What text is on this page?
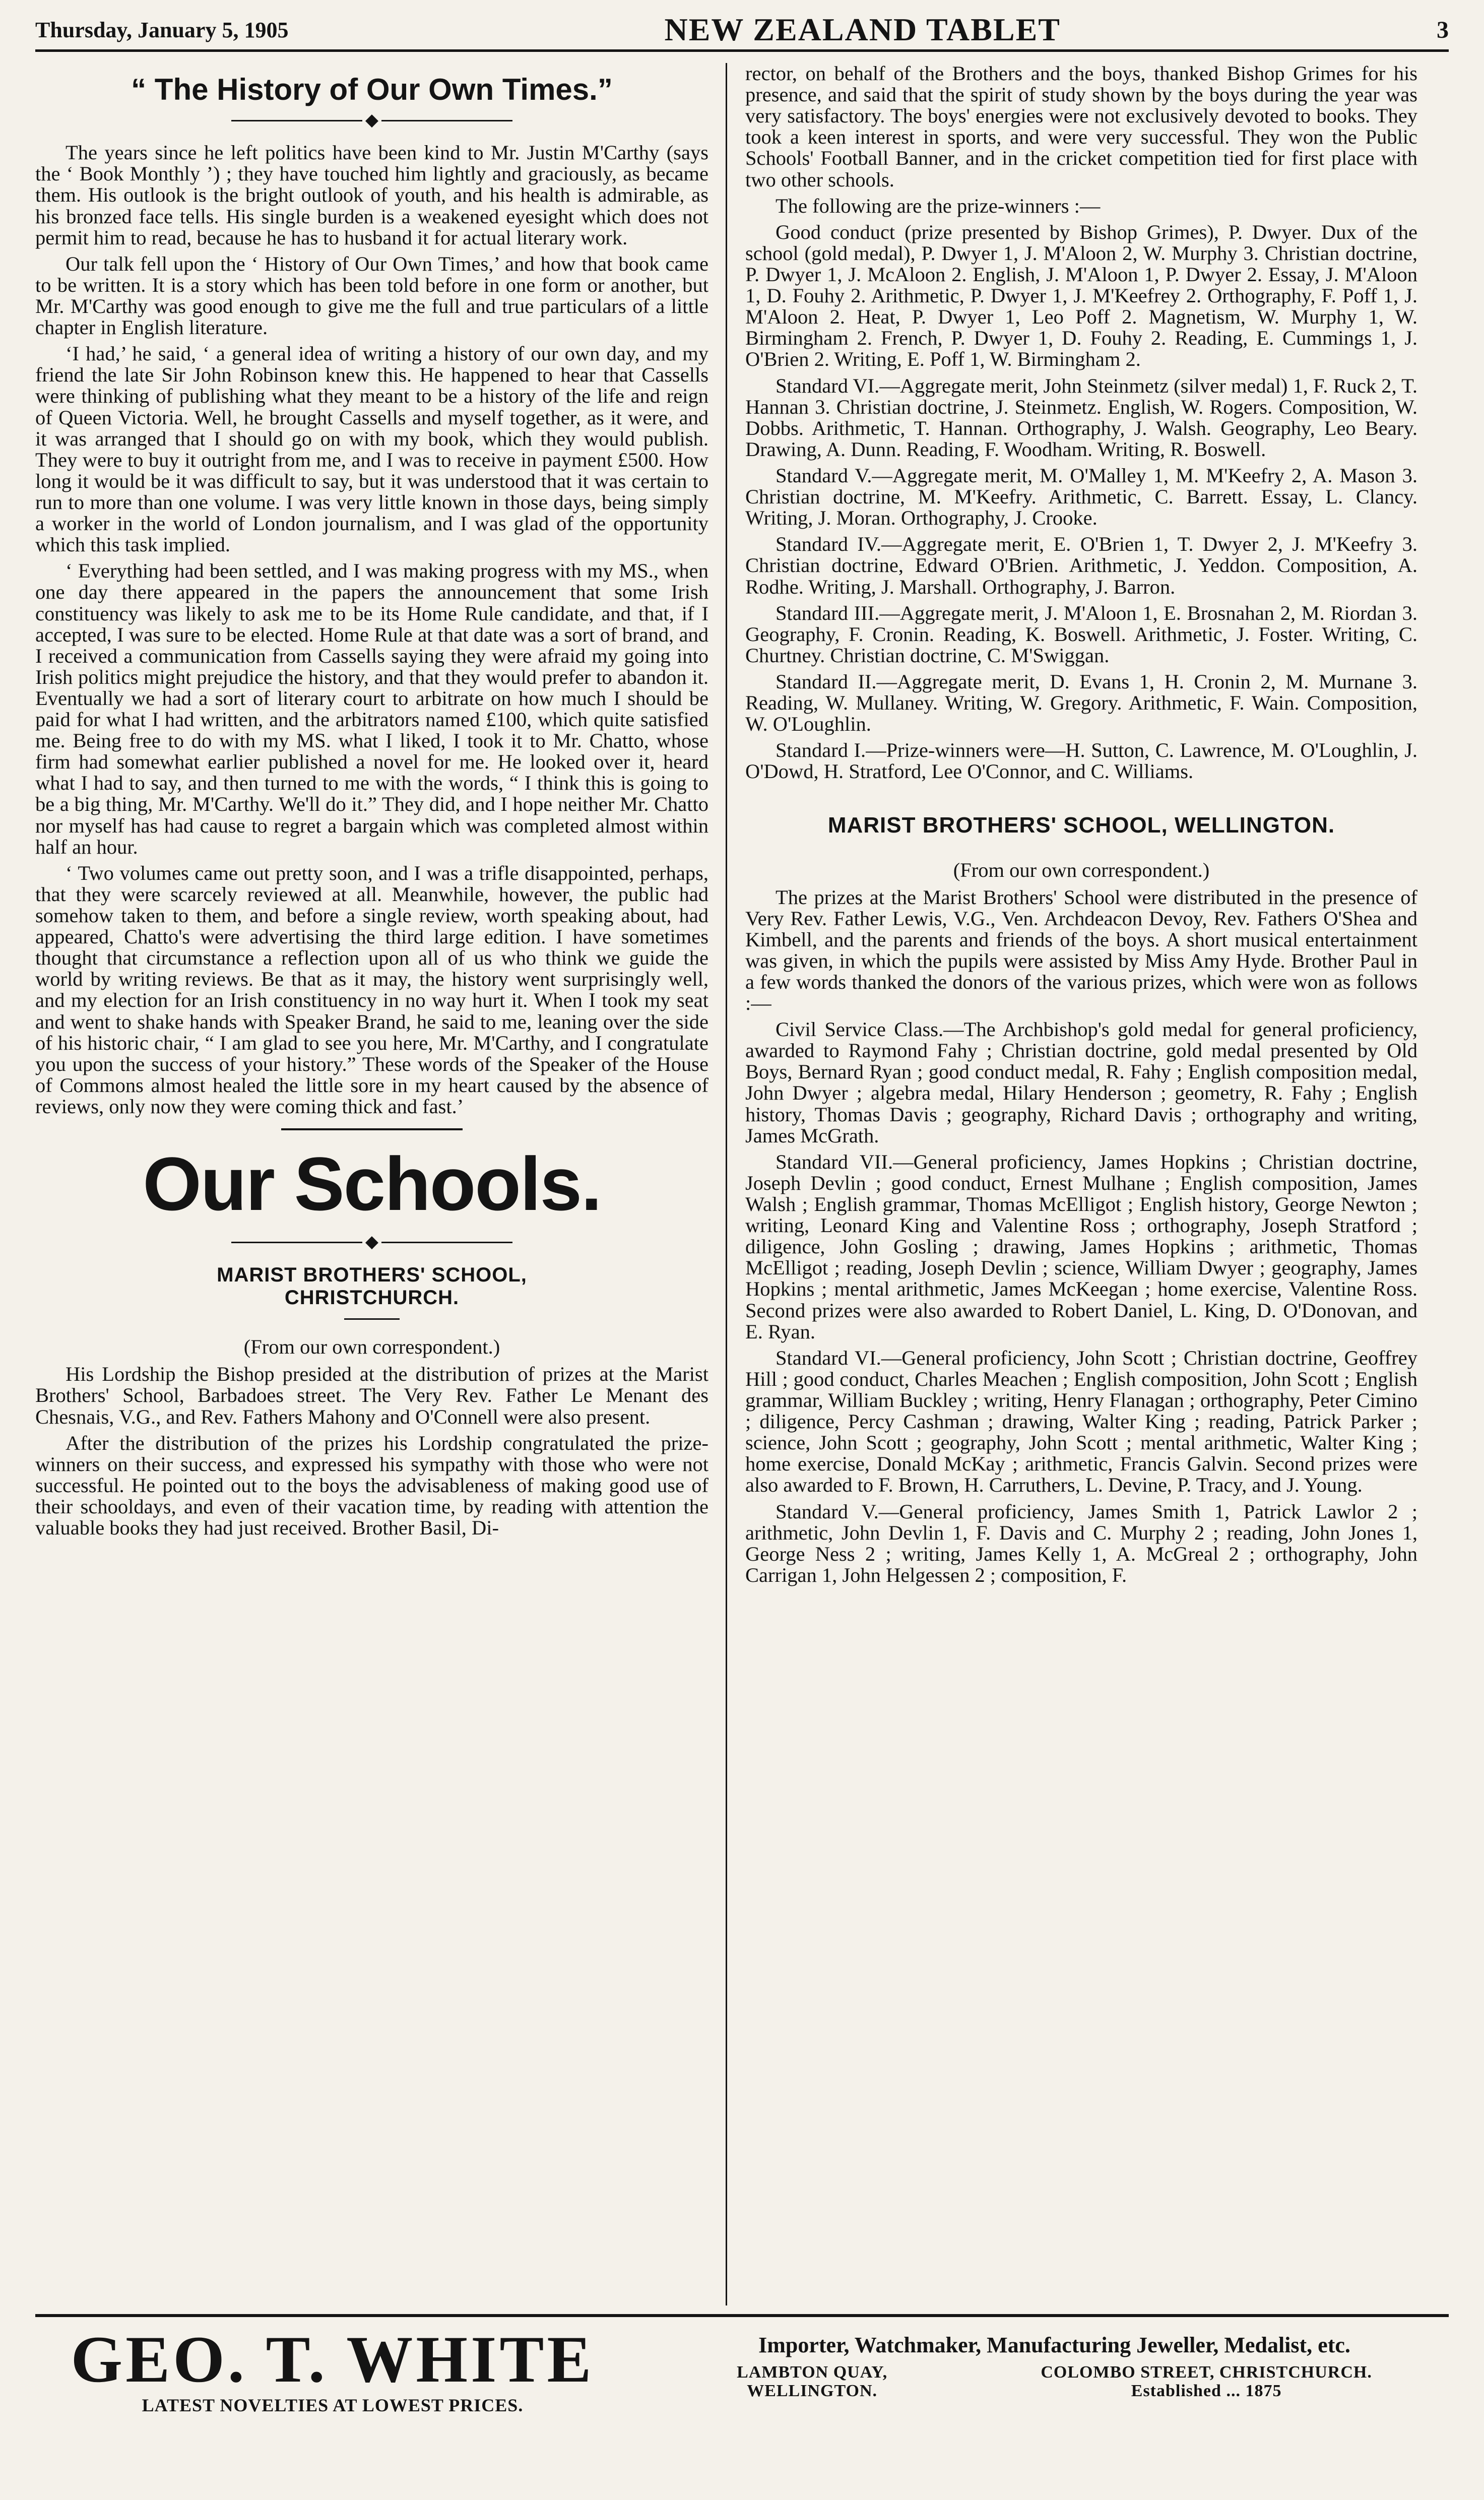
Thursday, January 5, 1905	NEW ZEALAND TABLET	3
“ The History of Our Own Times.”
◆

The years since he left politics have been kind to Mr. Justin M'Carthy (says the ‘ Book Monthly ’) ; they have touched him lightly and graciously, as became them. His outlook is the bright outlook of youth, and his health is admirable, as his bronzed face tells. His single burden is a weakened eyesight which does not permit him to read, because he has to husband it for actual literary work.

Our talk fell upon the ‘ History of Our Own Times,’ and how that book came to be written. It is a story which has been told before in one form or another, but Mr. M'Carthy was good enough to give me the full and true particulars of a little chapter in English literature.

‘I had,’ he said, ‘ a general idea of writing a history of our own day, and my friend the late Sir John Robinson knew this. He happened to hear that Cassells were thinking of publishing what they meant to be a history of the life and reign of Queen Victoria. Well, he brought Cassells and myself together, as it were, and it was arranged that I should go on with my book, which they would publish. They were to buy it outright from me, and I was to receive in payment £500. How long it would be it was difficult to say, but it was understood that it was certain to run to more than one volume. I was very little known in those days, being simply a worker in the world of London journalism, and I was glad of the opportunity which this task implied.

‘ Everything had been settled, and I was making progress with my MS., when one day there appeared in the papers the announcement that some Irish constituency was likely to ask me to be its Home Rule candidate, and that, if I accepted, I was sure to be elected. Home Rule at that date was a sort of brand, and I received a communication from Cassells saying they were afraid my going into Irish politics might prejudice the history, and that they would prefer to abandon it. Eventually we had a sort of literary court to arbitrate on how much I should be paid for what I had written, and the arbitrators named £100, which quite satisfied me. Being free to do with my MS. what I liked, I took it to Mr. Chatto, whose firm had somewhat earlier published a novel for me. He looked over it, heard what I had to say, and then turned to me with the words, “ I think this is going to be a big thing, Mr. M'Carthy. We'll do it.” They did, and I hope neither Mr. Chatto nor myself has had cause to regret a bargain which was completed almost within half an hour.

‘ Two volumes came out pretty soon, and I was a trifle disappointed, perhaps, that they were scarcely reviewed at all. Meanwhile, however, the public had somehow taken to them, and before a single review, worth speaking about, had appeared, Chatto's were advertising the third large edition. I have sometimes thought that circumstance a reflection upon all of us who think we guide the world by writing reviews. Be that as it may, the history went surprisingly well, and my election for an Irish constituency in no way hurt it. When I took my seat and went to shake hands with Speaker Brand, he said to me, leaning over the side of his historic chair, “ I am glad to see you here, Mr. M'Carthy, and I congratulate you upon the success of your history.” These words of the Speaker of the House of Commons almost healed the little sore in my heart caused by the absence of reviews, only now they were coming thick and fast.’

Our Schools.
◆
MARIST BROTHERS' SCHOOL,
CHRISTCHURCH.
(From our own correspondent.)

His Lordship the Bishop presided at the distribution of prizes at the Marist Brothers' School, Barbadoes street. The Very Rev. Father Le Menant des Chesnais, V.G., and Rev. Fathers Mahony and O'Connell were also present.

After the distribution of the prizes his Lordship congratulated the prize-winners on their success, and expressed his sympathy with those who were not successful. He pointed out to the boys the advisableness of making good use of their schooldays, and even of their vacation time, by reading with attention the valuable books they had just received. Brother Basil, Di-

rector, on behalf of the Brothers and the boys, thanked Bishop Grimes for his presence, and said that the spirit of study shown by the boys during the year was very satisfactory. The boys' energies were not exclusively devoted to books. They took a keen interest in sports, and were very successful. They won the Public Schools' Football Banner, and in the cricket competition tied for first place with two other schools.

The following are the prize-winners :—

Good conduct (prize presented by Bishop Grimes), P. Dwyer. Dux of the school (gold medal), P. Dwyer 1, J. M'Aloon 2, W. Murphy 3. Christian doctrine, P. Dwyer 1, J. McAloon 2. English, J. M'Aloon 1, P. Dwyer 2. Essay, J. M'Aloon 1, D. Fouhy 2. Arithmetic, P. Dwyer 1, J. M'Keefrey 2. Orthography, F. Poff 1, J. M'Aloon 2. Heat, P. Dwyer 1, Leo Poff 2. Magnetism, W. Murphy 1, W. Birmingham 2. French, P. Dwyer 1, D. Fouhy 2. Reading, E. Cummings 1, J. O'Brien 2. Writing, E. Poff 1, W. Birmingham 2.

Standard VI.—Aggregate merit, John Steinmetz (silver medal) 1, F. Ruck 2, T. Hannan 3. Christian doctrine, J. Steinmetz. English, W. Rogers. Composition, W. Dobbs. Arithmetic, T. Hannan. Orthography, J. Walsh. Geography, Leo Beary. Drawing, A. Dunn. Reading, F. Woodham. Writing, R. Boswell.

Standard V.—Aggregate merit, M. O'Malley 1, M. M'Keefry 2, A. Mason 3. Christian doctrine, M. M'Keefry. Arithmetic, C. Barrett. Essay, L. Clancy. Writing, J. Moran. Orthography, J. Crooke.

Standard IV.—Aggregate merit, E. O'Brien 1, T. Dwyer 2, J. M'Keefry 3. Christian doctrine, Edward O'Brien. Arithmetic, J. Yeddon. Composition, A. Rodhe. Writing, J. Marshall. Orthography, J. Barron.

Standard III.—Aggregate merit, J. M'Aloon 1, E. Brosnahan 2, M. Riordan 3. Geography, F. Cronin. Reading, K. Boswell. Arithmetic, J. Foster. Writing, C. Churtney. Christian doctrine, C. M'Swiggan.

Standard II.—Aggregate merit, D. Evans 1, H. Cronin 2, M. Murnane 3. Reading, W. Mullaney. Writing, W. Gregory. Arithmetic, F. Wain. Composition, W. O'Loughlin.

Standard I.—Prize-winners were—H. Sutton, C. Lawrence, M. O'Loughlin, J. O'Dowd, H. Stratford, Lee O'Connor, and C. Williams.

MARIST BROTHERS' SCHOOL, WELLINGTON.
(From our own correspondent.)

The prizes at the Marist Brothers' School were distributed in the presence of Very Rev. Father Lewis, V.G., Ven. Archdeacon Devoy, Rev. Fathers O'Shea and Kimbell, and the parents and friends of the boys. A short musical entertainment was given, in which the pupils were assisted by Miss Amy Hyde. Brother Paul in a few words thanked the donors of the various prizes, which were won as follows :—

Civil Service Class.—The Archbishop's gold medal for general proficiency, awarded to Raymond Fahy ; Christian doctrine, gold medal presented by Old Boys, Bernard Ryan ; good conduct medal, R. Fahy ; English composition medal, John Dwyer ; algebra medal, Hilary Henderson ; geometry, R. Fahy ; English history, Thomas Davis ; geography, Richard Davis ; orthography and writing, James McGrath.

Standard VII.—General proficiency, James Hopkins ; Christian doctrine, Joseph Devlin ; good conduct, Ernest Mulhane ; English composition, James Walsh ; English grammar, Thomas McElligot ; English history, George Newton ; writing, Leonard King and Valentine Ross ; orthography, Joseph Stratford ; diligence, John Gosling ; drawing, James Hopkins ; arithmetic, Thomas McElligot ; reading, Joseph Devlin ; science, William Dwyer ; geography, James Hopkins ; mental arithmetic, James McKeegan ; home exercise, Valentine Ross. Second prizes were also awarded to Robert Daniel, L. King, D. O'Donovan, and E. Ryan.

Standard VI.—General proficiency, John Scott ; Christian doctrine, Geoffrey Hill ; good conduct, Charles Meachen ; English composition, John Scott ; English grammar, William Buckley ; writing, Henry Flanagan ; orthography, Peter Cimino ; diligence, Percy Cashman ; drawing, Walter King ; reading, Patrick Parker ; science, John Scott ; geography, John Scott ; mental arithmetic, Walter King ; home exercise, Donald McKay ; arithmetic, Francis Galvin. Second prizes were also awarded to F. Brown, H. Carruthers, L. Devine, P. Tracy, and J. Young.

Standard V.—General proficiency, James Smith 1, Patrick Lawlor 2 ; arithmetic, John Devlin 1, F. Davis and C. Murphy 2 ; reading, John Jones 1, George Ness 2 ; writing, James Kelly 1, A. McGreal 2 ; orthography, John Carrigan 1, John Helgessen 2 ; composition, F.

GEO. T. WHITE
LATEST NOVELTIES AT LOWEST PRICES.
Importer, Watchmaker, Manufacturing Jeweller, Medalist, etc.
LAMBTON QUAY,
WELLINGTON.
COLOMBO STREET, CHRISTCHURCH.
Established ... 1875
